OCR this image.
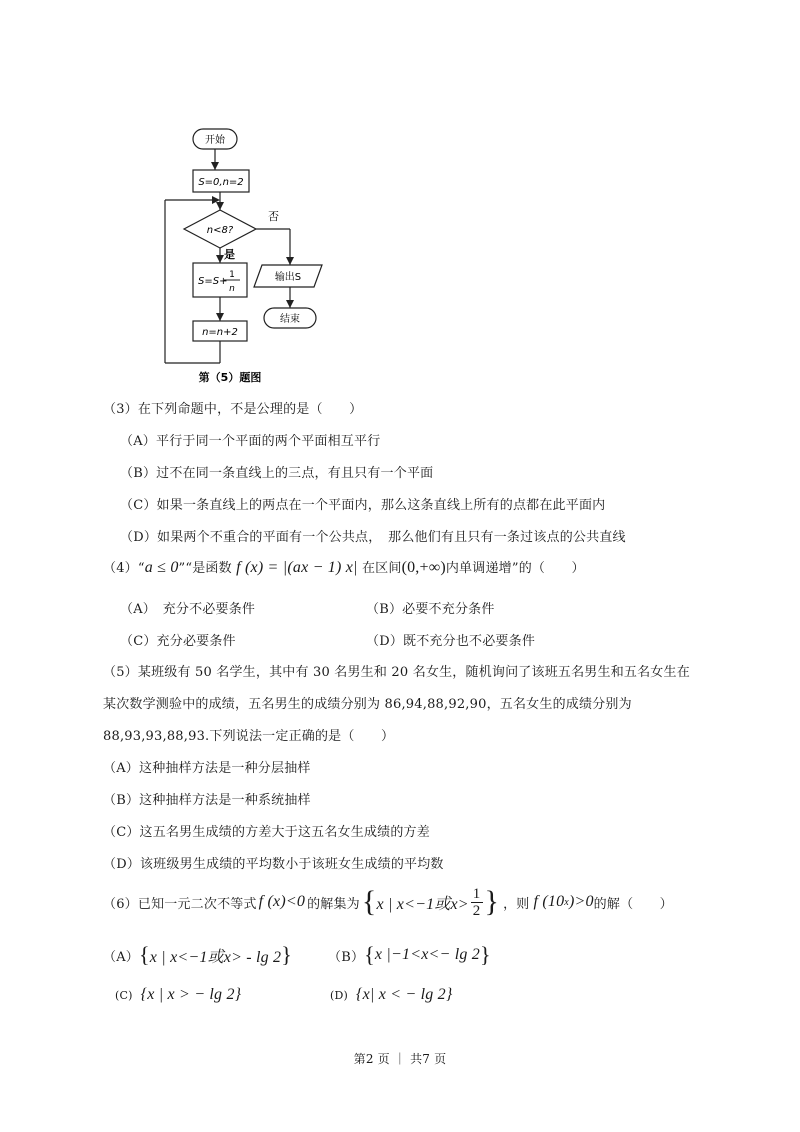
开始
S=0,n=2
n<8?
否
是
S=S+
1
n
输出S
结束
n=n+2
第（5）题图
（3）在下列命题中，不是公理的是（　　）
（A）平行于同一个平面的两个平面相互平行
（B）过不在同一条直线上的三点，有且只有一个平面
（C）如果一条直线上的两点在一个平面内，那么这条直线上所有的点都在此平面内
（D）如果两个不重合的平面有一个公共点，　那么他们有且只有一条过该点的公共直线
（4）“a ≤ 0”“是函数 f (x) = |(ax − 1) x| 在区间(0,+∞)内单调递增”的（　　）
（A）　充分不必要条件	（B）必要不充分条件
（C）充分必要条件	（D）既不充分也不必要条件
（5）某班级有 50 名学生，其中有 30 名男生和 20 名女生，随机询问了该班五名男生和五名女生在
某次数学测验中的成绩，五名男生的成绩分别为 86,94,88,92,90，五名女生的成绩分别为
88,93,93,88,93.下列说法一定正确的是（　　）
（A）这种抽样方法是一种分层抽样
（B）这种抽样方法是一种系统抽样
（C）这五名男生成绩的方差大于这五名女生成绩的方差
（D）该班级男生成绩的平均数小于该班女生成绩的平均数
（6）已知一元二次不等式 f (x)<0 的解集为 { x | x<−1或$x> \frac{1}{2}$ } ，则 f (10 x )>0 的解（　　）
（A） { x | x<−1或x> - lg 2 }	（B） { x |−1<x<− lg 2 }
(C) {x | x > − lg 2}	(D) {x| x < − lg 2}
第2 页 ｜ 共7 页
